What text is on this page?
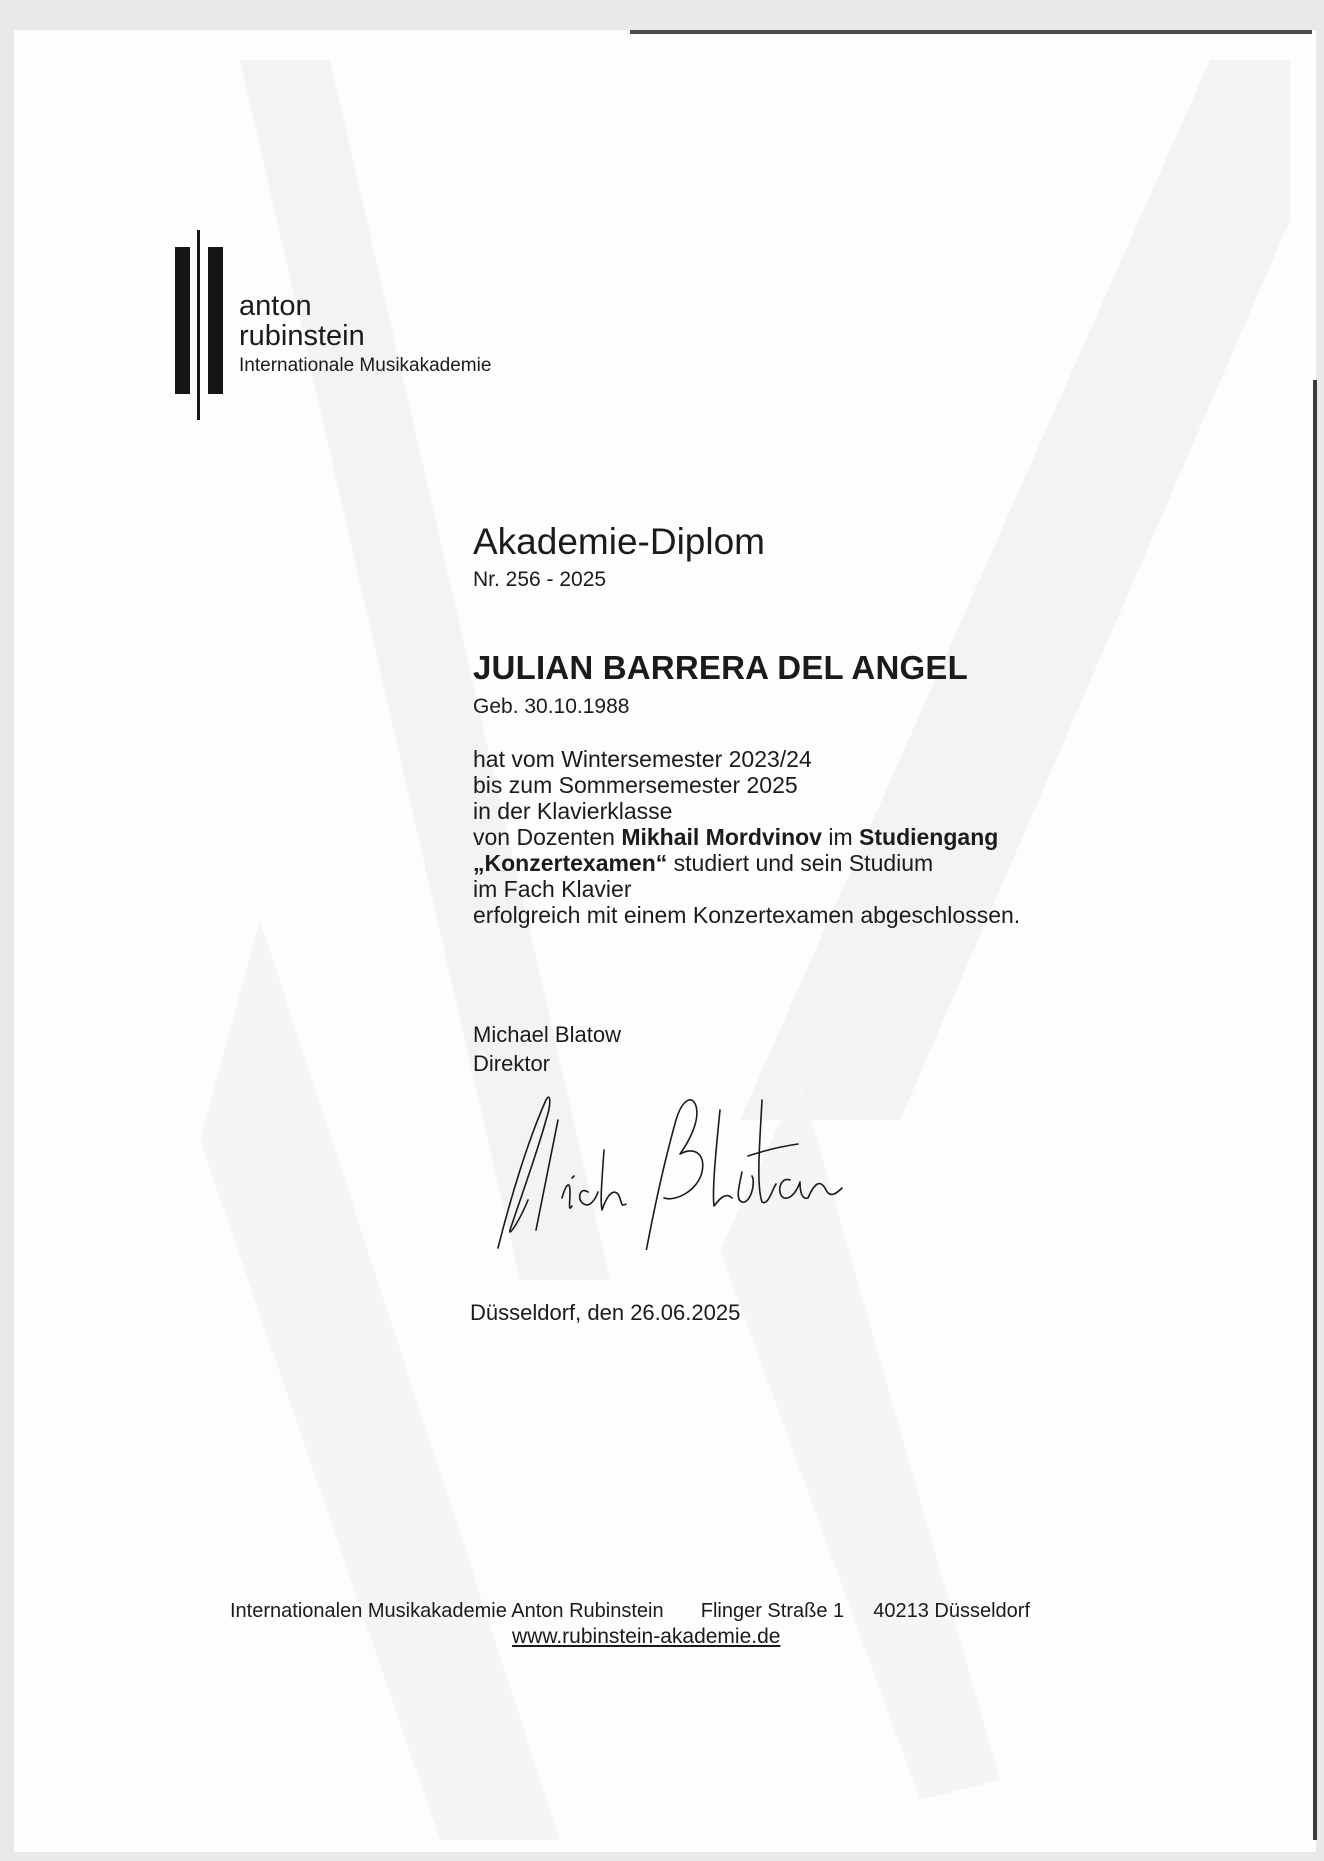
anton
rubinstein
Internationale Musikakademie
Akademie-Diplom
Nr. 256 - 2025
JULIAN BARRERA DEL ANGEL
Geb. 30.10.1988
hat vom Wintersemester 2023/24
bis zum Sommersemester 2025
in der Klavierklasse
von Dozenten Mikhail Mordvinov im Studiengang
„Konzertexamen“ studiert und sein Studium
im Fach Klavier
erfolgreich mit einem Konzertexamen abgeschlossen.
Michael Blatow
Direktor
Düsseldorf, den 26.06.2025
Internationalen Musikakademie Anton Rubinstein Flinger Straße 1 40213 Düsseldorf
www.rubinstein-akademie.de
